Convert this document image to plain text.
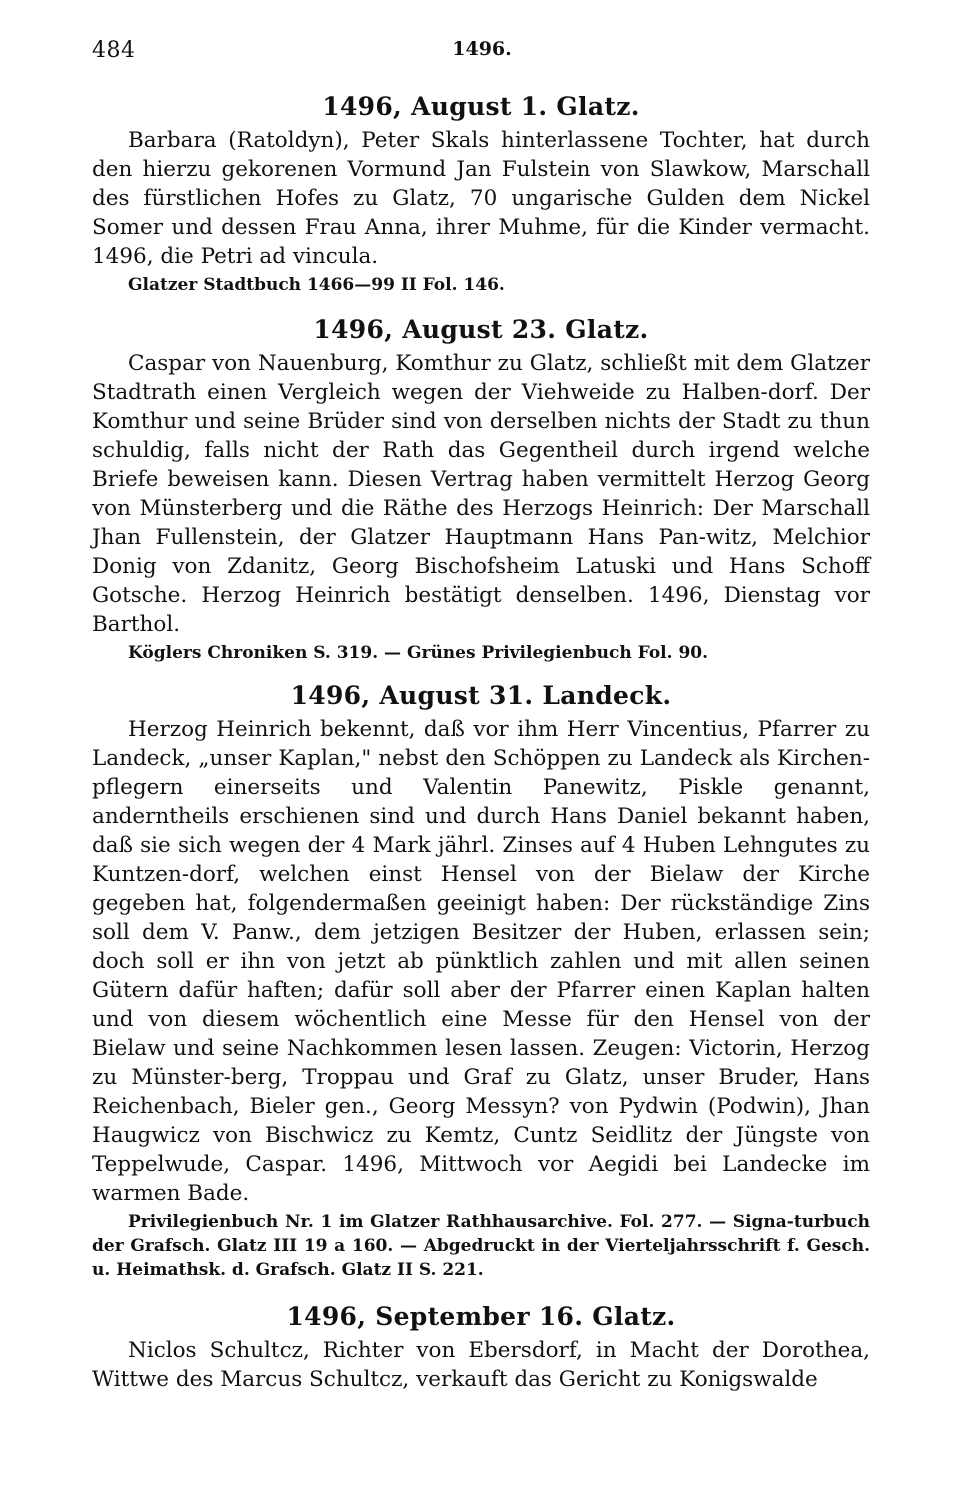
484	1496.
1496, August 1. Glatz.

Barbara (Ratoldyn), Peter Skals hinterlassene Tochter, hat durch den hierzu gekorenen Vormund Jan Fulstein von Slawkow, Marschall des fürstlichen Hofes zu Glatz, 70 ungarische Gulden dem Nickel Somer und dessen Frau Anna, ihrer Muhme, für die Kinder vermacht. 1496, die Petri ad vincula.

Glatzer Stadtbuch 1466—99 II Fol. 146.

1496, August 23. Glatz.

Caspar von Nauenburg, Komthur zu Glatz, schließt mit dem Glatzer Stadtrath einen Vergleich wegen der Viehweide zu Halben-dorf. Der Komthur und seine Brüder sind von derselben nichts der Stadt zu thun schuldig, falls nicht der Rath das Gegentheil durch irgend welche Briefe beweisen kann. Diesen Vertrag haben vermittelt Herzog Georg von Münsterberg und die Räthe des Herzogs Heinrich: Der Marschall Jhan Fullenstein, der Glatzer Hauptmann Hans Pan-witz, Melchior Donig von Zdanitz, Georg Bischofsheim Latuski und Hans Schoff Gotsche. Herzog Heinrich bestätigt denselben. 1496, Dienstag vor Barthol.

Köglers Chroniken S. 319. — Grünes Privilegienbuch Fol. 90.

1496, August 31. Landeck.

Herzog Heinrich bekennt, daß vor ihm Herr Vincentius, Pfarrer zu Landeck, „unser Kaplan," nebst den Schöppen zu Landeck als Kirchen-pflegern einerseits und Valentin Panewitz, Piskle genannt, anderntheils erschienen sind und durch Hans Daniel bekannt haben, daß sie sich wegen der 4 Mark jährl. Zinses auf 4 Huben Lehngutes zu Kuntzen-dorf, welchen einst Hensel von der Bielaw der Kirche gegeben hat, folgendermaßen geeinigt haben: Der rückständige Zins soll dem V. Panw., dem jetzigen Besitzer der Huben, erlassen sein; doch soll er ihn von jetzt ab pünktlich zahlen und mit allen seinen Gütern dafür haften; dafür soll aber der Pfarrer einen Kaplan halten und von diesem wöchentlich eine Messe für den Hensel von der Bielaw und seine Nachkommen lesen lassen. Zeugen: Victorin, Herzog zu Münster-berg, Troppau und Graf zu Glatz, unser Bruder, Hans Reichenbach, Bieler gen., Georg Messyn? von Pydwin (Podwin), Jhan Haugwicz von Bischwicz zu Kemtz, Cuntz Seidlitz der Jüngste von Teppelwude, Caspar. 1496, Mittwoch vor Aegidi bei Landecke im warmen Bade.

Privilegienbuch Nr. 1 im Glatzer Rathhausarchive. Fol. 277. — Signa-turbuch der Grafsch. Glatz III 19 a 160. — Abgedruckt in der Vierteljahrsschrift f. Gesch. u. Heimathsk. d. Grafsch. Glatz II S. 221.

1496, September 16. Glatz.

Niclos Schultcz, Richter von Ebersdorf, in Macht der Dorothea, Wittwe des Marcus Schultcz, verkauft das Gericht zu Konigswalde
